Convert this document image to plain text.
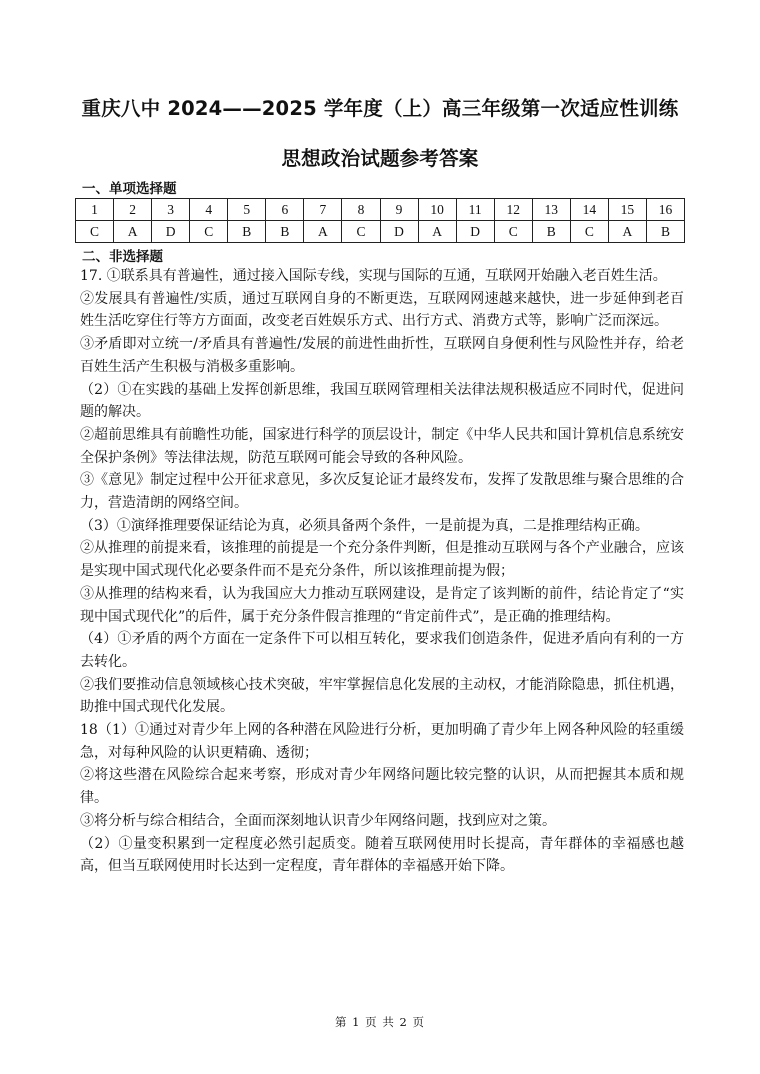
重庆八中 2024——2025 学年度（上）高三年级第一次适应性训练
思想政治试题参考答案
一、单项选择题
1	2	3	4	5	6	7	8	9	10	11	12	13	14	15	16
C	A	D	C	B	B	A	C	D	A	D	C	B	C	A	B
二、非选择题

17. ①联系具有普遍性，通过接入国际专线，实现与国际的互通，互联网开始融入老百姓生活。

②发展具有普遍性/实质，通过互联网自身的不断更迭，互联网网速越来越快，进一步延伸到老百姓生活吃穿住行等方方面面，改变老百姓娱乐方式、出行方式、消费方式等，影响广泛而深远。

③矛盾即对立统一/矛盾具有普遍性/发展的前进性曲折性，互联网自身便利性与风险性并存，给老百姓生活产生积极与消极多重影响。

（2）①在实践的基础上发挥创新思维，我国互联网管理相关法律法规积极适应不同时代，促进问题的解决。

②超前思维具有前瞻性功能，国家进行科学的顶层设计，制定《中华人民共和国计算机信息系统安全保护条例》等法律法规，防范互联网可能会导致的各种风险。

③《意见》制定过程中公开征求意见，多次反复论证才最终发布，发挥了发散思维与聚合思维的合力，营造清朗的网络空间。

（3）①演绎推理要保证结论为真，必须具备两个条件，一是前提为真，二是推理结构正确。

②从推理的前提来看，该推理的前提是一个充分条件判断，但是推动互联网与各个产业融合，应该是实现中国式现代化必要条件而不是充分条件，所以该推理前提为假；

③从推理的结构来看，认为我国应大力推动互联网建设，是肯定了该判断的前件，结论肯定了“实现中国式现代化”的后件，属于充分条件假言推理的“肯定前件式”，是正确的推理结构。

（4）①矛盾的两个方面在一定条件下可以相互转化，要求我们创造条件，促进矛盾向有利的一方去转化。

②我们要推动信息领域核心技术突破，牢牢掌握信息化发展的主动权，才能消除隐患，抓住机遇，助推中国式现代化发展。

18（1）①通过对青少年上网的各种潜在风险进行分析，更加明确了青少年上网各种风险的轻重缓急，对每种风险的认识更精确、透彻；

②将这些潜在风险综合起来考察，形成对青少年网络问题比较完整的认识，从而把握其本质和规律。

③将分析与综合相结合，全面而深刻地认识青少年网络问题，找到应对之策。

（2）①量变积累到一定程度必然引起质变。随着互联网使用时长提高，青年群体的幸福感也越高，但当互联网使用时长达到一定程度，青年群体的幸福感开始下降。

第 1 页 共 2 页
